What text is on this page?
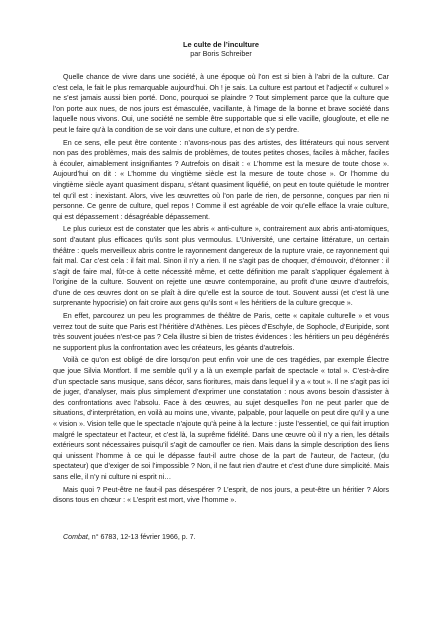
Le culte de l’inculture
par Boris Schreiber

Quelle chance de vivre dans une société, à une époque où l’on est si bien à l’abri de la culture. Car c’est cela, le fait le plus remarquable aujourd’hui. Oh ! je sais. La culture est partout et l’adjectif « culturel » ne s’est jamais aussi bien porté. Donc, pourquoi se plaindre ? Tout simplement parce que la culture que l’on porte aux nues, de nos jours est émasculée, vacillante, à l’image de la bonne et brave société dans laquelle nous vivons. Oui, une société ne semble être supportable que si elle vacille, glougloute, et elle ne peut le faire qu’à la condition de se voir dans une culture, et non de s’y perdre.

En ce sens, elle peut être contente : n’avons-nous pas des artistes, des littérateurs qui nous servent non pas des problèmes, mais des salmis de problèmes, de toutes petites choses, faciles à mâcher, faciles à écouler, aimablement insignifiantes ? Autrefois on disait : « L’homme est la mesure de toute chose ». Aujourd’hui on dit : « L’homme du vingtième siècle est la mesure de toute chose ». Or l’homme du vingtième siècle ayant quasiment disparu, s’étant quasiment liquéfié, on peut en toute quiétude le montrer tel qu’il est : inexistant. Alors, vive les œuvrettes où l’on parle de rien, de personne, conçues par rien ni personne. Ce genre de culture, quel repos ! Comme il est agréable de voir qu’elle efface la vraie culture, qui est dépassement : désagréable dépassement.

Le plus curieux est de constater que les abris « anti-culture », contrairement aux abris anti-atomiques, sont d’autant plus efficaces qu’ils sont plus vermoulus. L’Université, une certaine littérature, un certain théâtre : quels merveilleux abris contre le rayonnement dangereux de la rupture vraie, ce rayonnement qui fait mal. Car c’est cela : il fait mal. Sinon il n’y a rien. Il ne s’agit pas de choquer, d’émouvoir, d’étonner : il s’agit de faire mal, fût-ce à cette nécessité même, et cette définition me paraît s’appliquer également à l’origine de la culture. Souvent on rejette une œuvre contemporaine, au profit d’une œuvre d’autrefois, d’une de ces œuvres dont on se plaît à dire qu’elle est la source de tout. Souvent aussi (et c’est là une surprenante hypocrisie) on fait croire aux gens qu’ils sont « les héritiers de la culture grecque ».

En effet, parcourez un peu les programmes de théâtre de Paris, cette « capitale culturelle » et vous verrez tout de suite que Paris est l’héritière d’Athènes. Les pièces d’Eschyle, de Sophocle, d’Euripide, sont très souvent jouées n’est-ce pas ? Cela illustre si bien de tristes évidences : les héritiers un peu dégénérés ne supportent plus la confrontation avec les créateurs, les géants d’autrefois.

Voilà ce qu’on est obligé de dire lorsqu’on peut enfin voir une de ces tragédies, par exemple Électre que joue Silvia Montfort. Il me semble qu’il y a là un exemple parfait de spectacle « total ». C’est-à-dire d’un spectacle sans musique, sans décor, sans fioritures, mais dans lequel il y a « tout ». Il ne s’agit pas ici de juger, d’analyser, mais plus simplement d’exprimer une constatation : nous avons besoin d’assister à des confrontations avec l’absolu. Face à des œuvres, au sujet desquelles l’on ne peut parler que de situations, d’interprétation, en voilà au moins une, vivante, palpable, pour laquelle on peut dire qu’il y a une « vision ». Vision telle que le spectacle n’ajoute qu’à peine à la lecture : juste l’essentiel, ce qui fait irruption malgré le spectateur et l’acteur, et c’est là, la suprême fidélité. Dans une œuvre où il n’y a rien, les détails extérieurs sont nécessaires puisqu’il s’agit de camoufler ce rien. Mais dans la simple description des liens qui unissent l’homme à ce qui le dépasse faut-il autre chose de la part de l’auteur, de l’acteur, (du spectateur) que d’exiger de soi l’impossible ? Non, il ne faut rien d’autre et c’est d’une dure simplicité. Mais sans elle, il n’y ni culture ni esprit ni…

Mais quoi ? Peut-être ne faut-il pas désespérer ? L’esprit, de nos jours, a peut-être un héritier ? Alors disons tous en chœur : « L’esprit est mort, vive l’homme ».

Combat, n° 6783, 12-13 février 1966, p. 7.
